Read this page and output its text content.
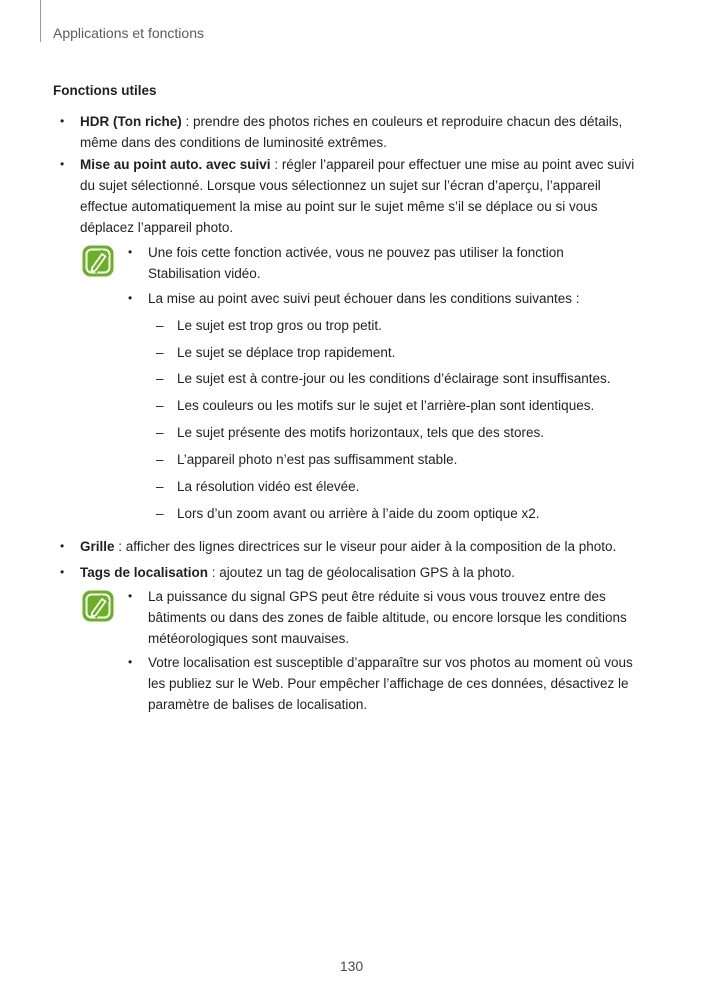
Applications et fonctions
Fonctions utiles
• HDR (Ton riche) : prendre des photos riches en couleurs et reproduire chacun des détails, même dans des conditions de luminosité extrêmes.
• Mise au point auto. avec suivi : régler l’appareil pour effectuer une mise au point avec suivi du sujet sélectionné. Lorsque vous sélectionnez un sujet sur l’écran d’aperçu, l’appareil effectue automatiquement la mise au point sur le sujet même s’il se déplace ou si vous déplacez l’appareil photo.
• Une fois cette fonction activée, vous ne pouvez pas utiliser la fonction Stabilisation vidéo.
• La mise au point avec suivi peut échouer dans les conditions suivantes :
– Le sujet est trop gros ou trop petit.
– Le sujet se déplace trop rapidement.
– Le sujet est à contre-jour ou les conditions d’éclairage sont insuffisantes.
– Les couleurs ou les motifs sur le sujet et l’arrière-plan sont identiques.
– Le sujet présente des motifs horizontaux, tels que des stores.
– L’appareil photo n’est pas suffisamment stable.
– La résolution vidéo est élevée.
– Lors d’un zoom avant ou arrière à l’aide du zoom optique x2.
• Grille : afficher des lignes directrices sur le viseur pour aider à la composition de la photo.
• Tags de localisation : ajoutez un tag de géolocalisation GPS à la photo.
• La puissance du signal GPS peut être réduite si vous vous trouvez entre des bâtiments ou dans des zones de faible altitude, ou encore lorsque les conditions météorologiques sont mauvaises.
• Votre localisation est susceptible d’apparaître sur vos photos au moment où vous les publiez sur le Web. Pour empêcher l’affichage de ces données, désactivez le paramètre de balises de localisation.
130
